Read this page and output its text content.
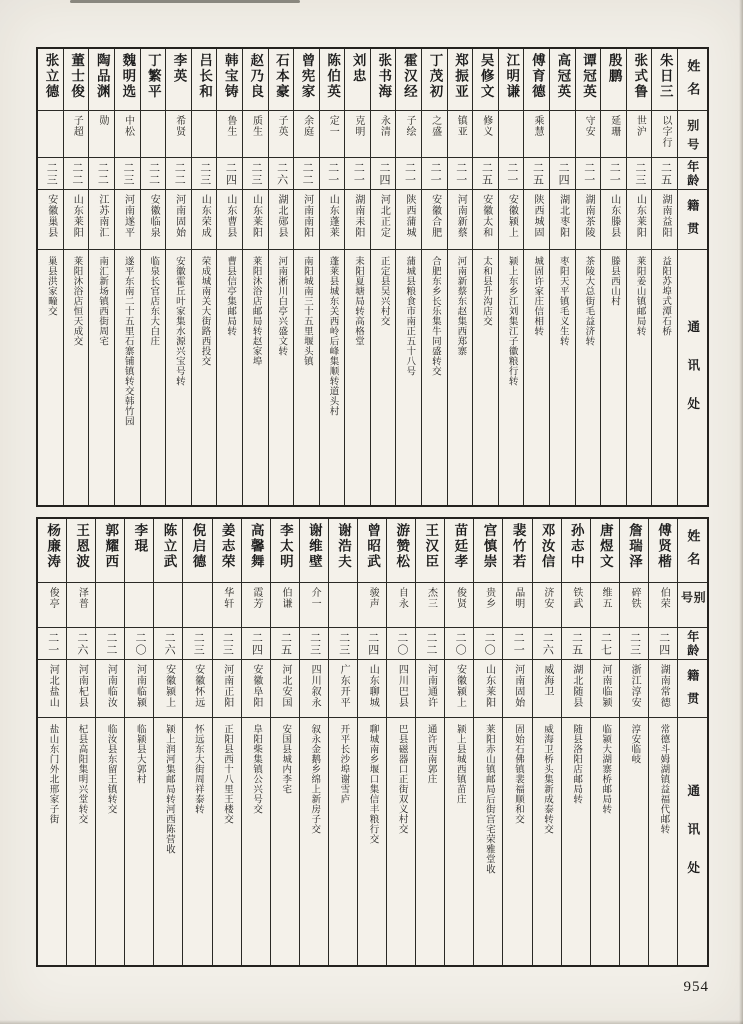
姓名
别号
年龄
籍贯
通讯处
朱日三
以字行
二五
湖南益阳
益阳苏埠式潭石桥
张式鲁
世沪
二三
山东莱阳
莱阳姜山镇邮局转
殷鹏
延珊
二一
山东滕县
滕县西山村
谭冠英
守安
二一
湖南茶陵
茶陵大总街毛益济转
高冠英
二四
湖北枣阳
枣阳天平镇毛义生转
傅育德
乘慧
二五
陕西城固
城固许家庄信相转
江明谦
二一
安徽颍上
颍上东乡江刘集江子徽粮行转
吴修文
修义
二五
安徽太和
太和县升沟店交
郑振亚
镇亚
二一
河南新蔡
河南新蔡东赵集西郑寨
丁茂初
之盛
二一
安徽合肥
合肥东乡长乐集牛同盛转交
霍汉经
子绘
二一
陕西蒲城
蒲城县粮食市南正五十八号
张书海
永清
二四
河北正定
正定县吴兴村交
刘忠
克明
二一
湖南耒阳
耒阳夏塘局转高格堂
陈伯英
定一
二一
山东蓬莱
蓬莱县城东关西岭后峰集顺转道头村
曾宪家
余庭
二二
河南南阳
南阳城南三十五里堰头镇
石本豪
子英
二六
湖北郧县
河南淅川白亭兴盛文转
赵乃良
质生
二三
山东莱阳
莱阳沐浴店邮局转赵家埠
韩宝铸
鲁生
二四
山东曹县
曹县信亭集邮局转
吕长和
二三
山东荣成
荣成城南关大街路西投交
李英
希贤
二二
河南固始
安徽霍丘叶家集水源兴宝号转
丁繁平
二二
安徽临泉
临泉长官店东大白庄
魏明选
中松
二三
河南遂平
遂平东南二十五里石寨铺镇转交韩竹园
陶品渊
勋
二二
江苏南汇
南汇新场镇西街周宅
董士俊
子超
二二
山东莱阳
莱阳沐浴店恒天成交
张立德
二三
安徽巢县
巢县洪家疃交
姓名
别号
年龄
籍贯
通讯处
傅贤楷
伯荣
二四
湖南常德
常德斗姆湖镇益福代邮转
詹瑞泽
碎铁
二三
浙江淳安
淳安临岐
唐煜文
维五
二七
河南临颍
临颍大湖寨桥邮局转
孙志中
铁武
二五
湖北随县
随县洛阳店邮局转
邓汝信
济安
二六
威海卫
威海卫桥头集新成泰转交
裴竹若
晶明
二一
河南固始
固始石佛镇裴福顺和交
宫慎崇
贵乡
二〇
山东莱阳
莱阳赤山镇邮局后街宫宅荣雅堂收
苗廷孝
俊贤
二〇
安徽颍上
颍上县城西镇苗庄
王汉臣
杰三
二二
河南通许
通许西南郭庄
游赞松
自永
二〇
四川巴县
巴县磁器口正街双义村交
曾昭武
骏声
二四
山东聊城
聊城南乡堰口集信丰粮行交
谢浩夫
二三
广东开平
开平长沙埠谢雪庐
谢维壁
介一
二三
四川叙永
叙永金鹅乡绵上新房子交
李太明
伯谦
二五
河北安国
安国县城内李宅
高馨舞
霞芳
二四
安徽阜阳
阜阳柴集镇公兴号交
姜志荣
华轩
二三
河南正阳
正阳县西十八里王楼交
倪启德
二三
安徽怀远
怀远东大街周祥泰转
陈立武
二六
安徽颍上
颍上润河集邮局转河西陈营收
李琨
二〇
河南临颍
临颍县大郭村
郭耀西
二二
河南临汝
临汝县东留王镇转交
王恩波
泽普
二六
河南杞县
杞县高阳集明兴堂转交
杨廉涛
俊亭
二一
河北盐山
盐山东门外北邢家子街
954
